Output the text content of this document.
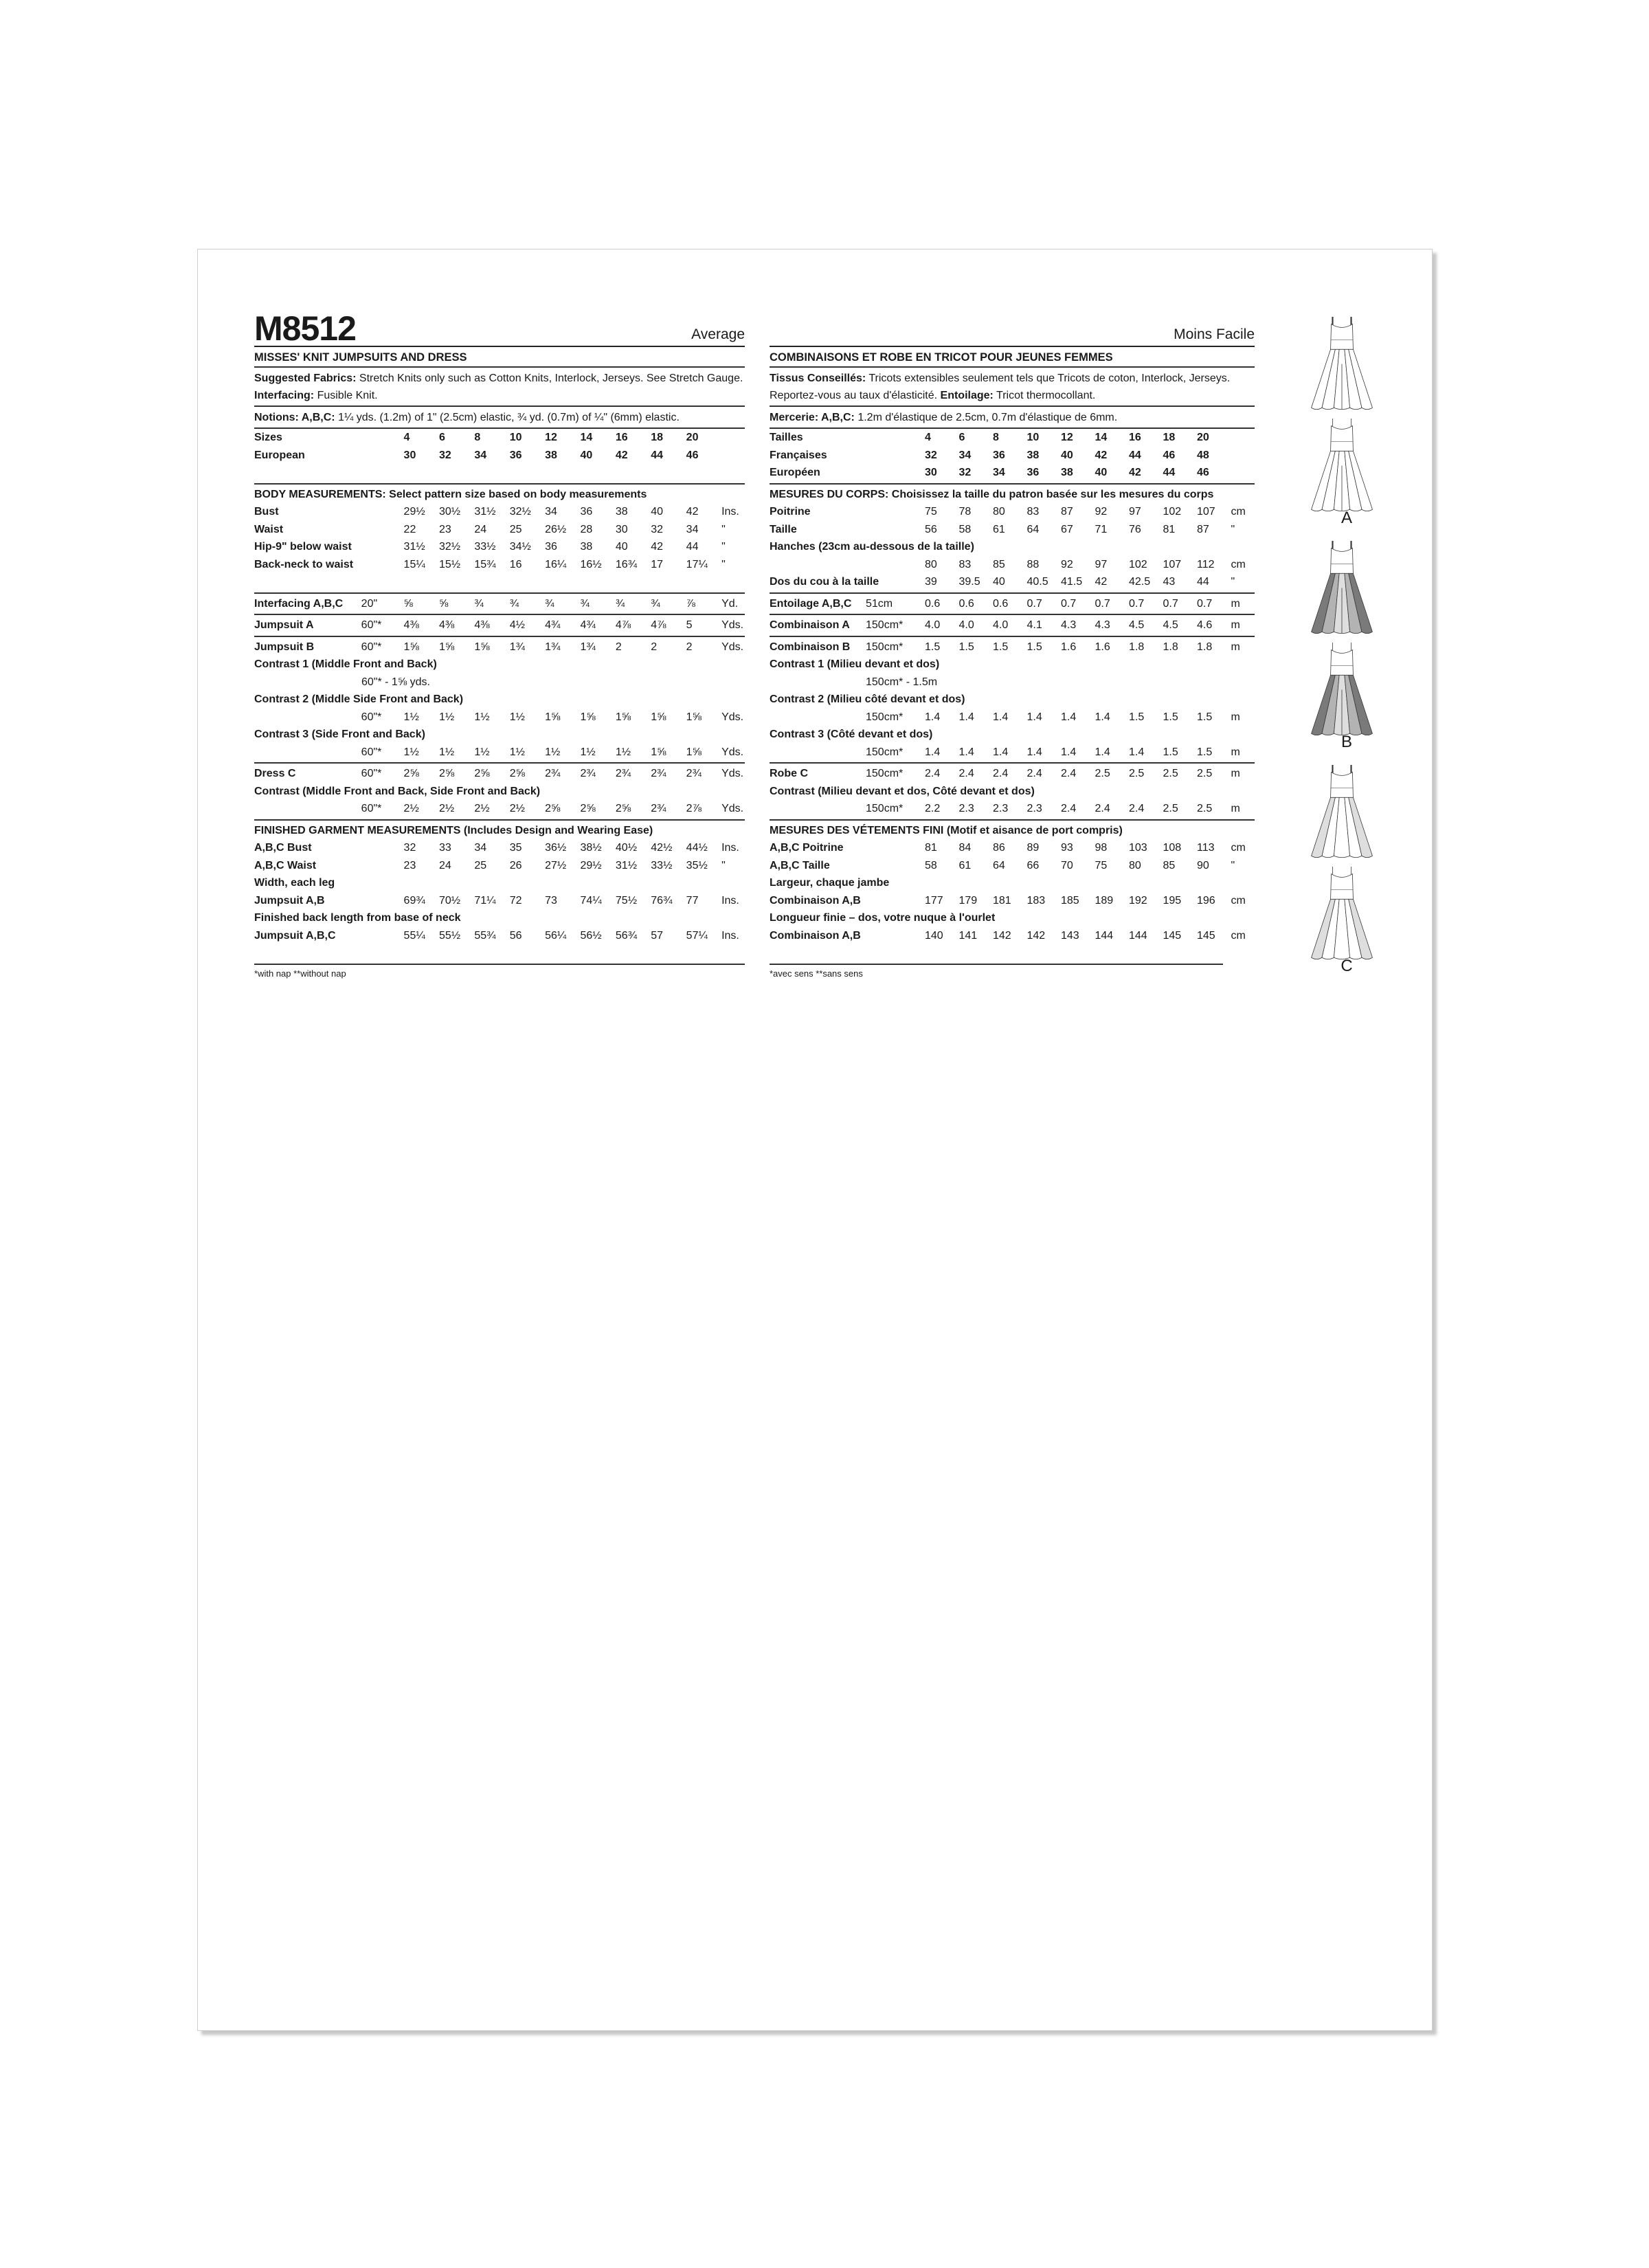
M8512	Average
MISSES' KNIT JUMPSUITS AND DRESS
Suggested Fabrics: Stretch Knits only such as Cotton Knits, Interlock, Jerseys. See Stretch Gauge.
Interfacing: Fusible Knit.
Notions: A,B,C: 1¼ yds. (1.2m) of 1" (2.5cm) elastic, ¾ yd. (0.7m) of ¼" (6mm) elastic.
Sizes	4	6	8	10	12	14	16	18	20
European	30	32	34	36	38	40	42	44	46
BODY MEASUREMENTS: Select pattern size based on body measurements
Bust	29½	30½	31½	32½	34	36	38	40	42	Ins.
Waist	22	23	24	25	26½	28	30	32	34	"
Hip-9" below waist	31½	32½	33½	34½	36	38	40	42	44	"
Back-neck to waist	15¼	15½	15¾	16	16¼	16½	16¾	17	17¼	"
Interfacing A,B,C	20"	⅝	⅝	¾	¾	¾	¾	¾	¾	⅞	Yd.
Jumpsuit A	60"*	4⅜	4⅜	4⅜	4½	4¾	4¾	4⅞	4⅞	5	Yds.
Jumpsuit B	60"*	1⅝	1⅝	1⅝	1¾	1¾	1¾	2	2	2	Yds.
Contrast 1 (Middle Front and Back)
60"* - 1⅝ yds.
Contrast 2 (Middle Side Front and Back)
60"*	1½	1½	1½	1½	1⅝	1⅝	1⅝	1⅝	1⅝	Yds.
Contrast 3 (Side Front and Back)
60"*	1½	1½	1½	1½	1½	1½	1½	1⅝	1⅝	Yds.
Dress C	60"*	2⅝	2⅝	2⅝	2⅝	2¾	2¾	2¾	2¾	2¾	Yds.
Contrast (Middle Front and Back, Side Front and Back)
60"*	2½	2½	2½	2½	2⅝	2⅝	2⅝	2¾	2⅞	Yds.
FINISHED GARMENT MEASUREMENTS (Includes Design and Wearing Ease)
A,B,C Bust	32	33	34	35	36½	38½	40½	42½	44½	Ins.
A,B,C Waist	23	24	25	26	27½	29½	31½	33½	35½	"
Width, each leg
Jumpsuit A,B	69¾	70½	71¼	72	73	74¼	75½	76¾	77	Ins.
Finished back length from base of neck
Jumpsuit A,B,C	55¼	55½	55¾	56	56¼	56½	56¾	57	57¼	Ins.
*with nap **without nap
Moins Facile
COMBINAISONS ET ROBE EN TRICOT POUR JEUNES FEMMES
Tissus Conseillés: Tricots extensibles seulement tels que Tricots de coton, Interlock, Jerseys. Reportez-vous au taux d'élasticité. Entoilage: Tricot thermocollant.
Mercerie: A,B,C: 1.2m d'élastique de 2.5cm, 0.7m d'élastique de 6mm.
Tailles	4	6	8	10	12	14	16	18	20
Françaises	32	34	36	38	40	42	44	46	48
Européen	30	32	34	36	38	40	42	44	46
MESURES DU CORPS: Choisissez la taille du patron basée sur les mesures du corps
Poitrine	75	78	80	83	87	92	97	102	107	cm
Taille	56	58	61	64	67	71	76	81	87	"
Hanches (23cm au-dessous de la taille)
80	83	85	88	92	97	102	107	112	cm
Dos du cou à la taille	39	39.5	40	40.5	41.5	42	42.5	43	44	"
Entoilage A,B,C	51cm	0.6	0.6	0.6	0.7	0.7	0.7	0.7	0.7	0.7	m
Combinaison A	150cm*	4.0	4.0	4.0	4.1	4.3	4.3	4.5	4.5	4.6	m
Combinaison B	150cm*	1.5	1.5	1.5	1.5	1.6	1.6	1.8	1.8	1.8	m
Contrast 1 (Milieu devant et dos)
150cm* - 1.5m
Contrast 2 (Milieu côté devant et dos)
150cm*	1.4	1.4	1.4	1.4	1.4	1.4	1.5	1.5	1.5	m
Contrast 3 (Côté devant et dos)
150cm*	1.4	1.4	1.4	1.4	1.4	1.4	1.4	1.5	1.5	m
Robe C	150cm*	2.4	2.4	2.4	2.4	2.4	2.5	2.5	2.5	2.5	m
Contrast (Milieu devant et dos, Côté devant et dos)
150cm*	2.2	2.3	2.3	2.3	2.4	2.4	2.4	2.5	2.5	m
MESURES DES VÉTEMENTS FINI (Motif et aisance de port compris)
A,B,C Poitrine	81	84	86	89	93	98	103	108	113	cm
A,B,C Taille	58	61	64	66	70	75	80	85	90	"
Largeur, chaque jambe
Combinaison A,B	177	179	181	183	185	189	192	195	196	cm
Longueur finie – dos, votre nuque à l'ourlet
Combinaison A,B	140	141	142	142	143	144	144	145	145	cm
*avec sens **sans sens
A
B
C
